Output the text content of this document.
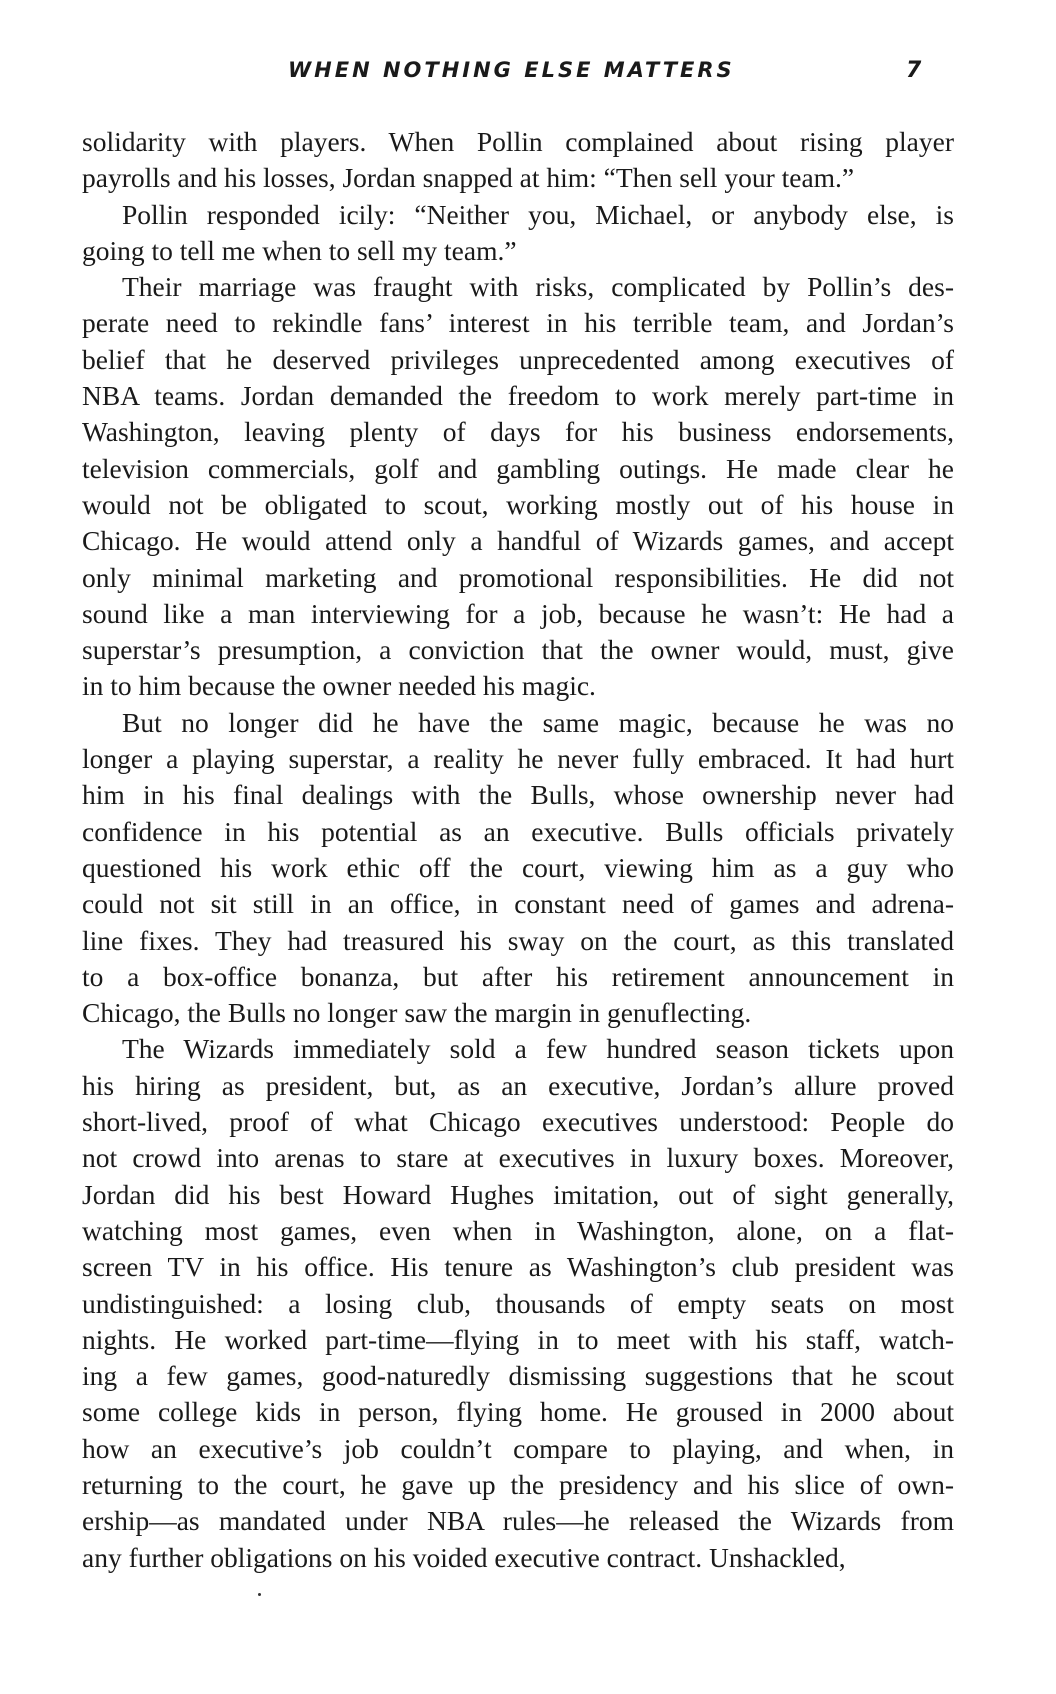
WHEN NOTHING ELSE MATTERS	7
solidarity with players. When Pollin complained about rising player
payrolls and his losses, Jordan snapped at him: “Then sell your team.”
Pollin responded icily: “Neither you, Michael, or anybody else, is
going to tell me when to sell my team.”
Their marriage was fraught with risks, complicated by Pollin’s des-
perate need to rekindle fans’ interest in his terrible team, and Jordan’s
belief that he deserved privileges unprecedented among executives of
NBA teams. Jordan demanded the freedom to work merely part-time in
Washington, leaving plenty of days for his business endorsements,
television commercials, golf and gambling outings. He made clear he
would not be obligated to scout, working mostly out of his house in
Chicago. He would attend only a handful of Wizards games, and accept
only minimal marketing and promotional responsibilities. He did not
sound like a man interviewing for a job, because he wasn’t: He had a
superstar’s presumption, a conviction that the owner would, must, give
in to him because the owner needed his magic.
But no longer did he have the same magic, because he was no
longer a playing superstar, a reality he never fully embraced. It had hurt
him in his final dealings with the Bulls, whose ownership never had
confidence in his potential as an executive. Bulls officials privately
questioned his work ethic off the court, viewing him as a guy who
could not sit still in an office, in constant need of games and adrena-
line fixes. They had treasured his sway on the court, as this translated
to a box-office bonanza, but after his retirement announcement in
Chicago, the Bulls no longer saw the margin in genuflecting.
The Wizards immediately sold a few hundred season tickets upon
his hiring as president, but, as an executive, Jordan’s allure proved
short-lived, proof of what Chicago executives understood: People do
not crowd into arenas to stare at executives in luxury boxes. Moreover,
Jordan did his best Howard Hughes imitation, out of sight generally,
watching most games, even when in Washington, alone, on a flat-
screen TV in his office. His tenure as Washington’s club president was
undistinguished: a losing club, thousands of empty seats on most
nights. He worked part-time—flying in to meet with his staff, watch-
ing a few games, good-naturedly dismissing suggestions that he scout
some college kids in person, flying home. He groused in 2000 about
how an executive’s job couldn’t compare to playing, and when, in
returning to the court, he gave up the presidency and his slice of own-
ership—as mandated under NBA rules—he released the Wizards from
any further obligations on his voided executive contract. Unshackled,
